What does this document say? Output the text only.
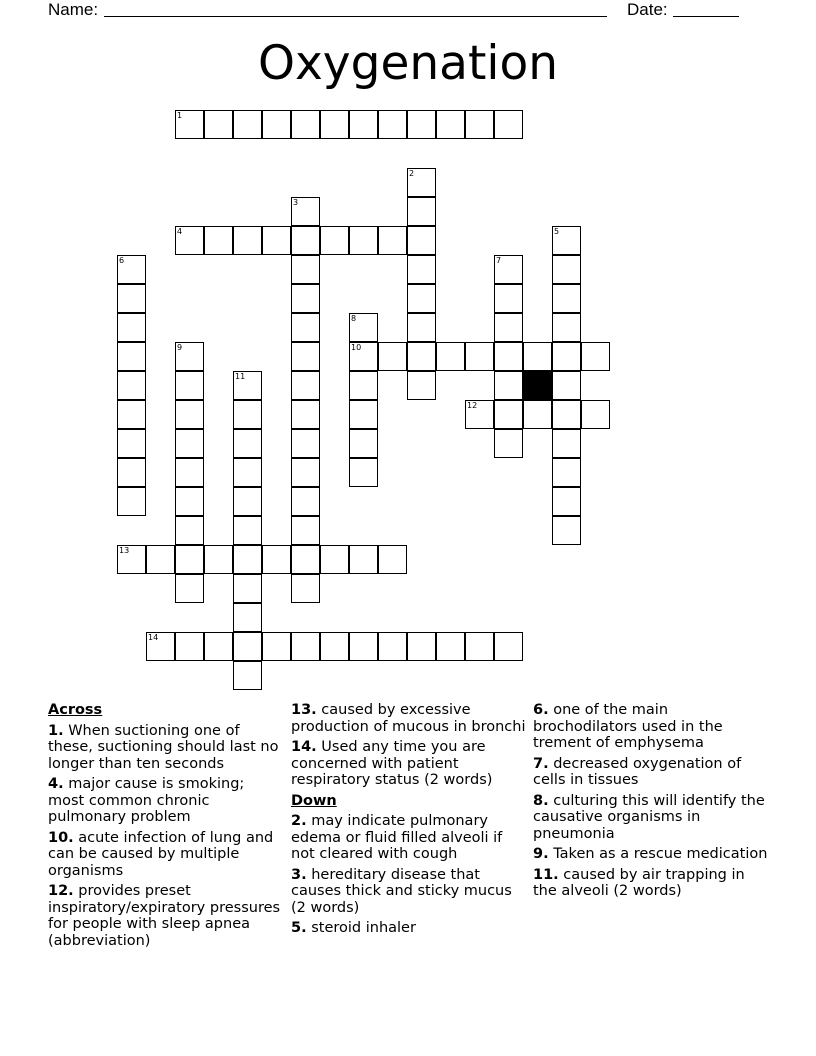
Name:	Date:
Oxygenation
1
2
3
4	5
6	7
8
10
9
11
12
13
14
Across
1. When suctioning one of these, suctioning should last no longer than ten seconds
4. major cause is smoking; most common chronic pulmonary problem
10. acute infection of lung and can be caused by multiple organisms
12. provides preset inspiratory/expiratory pressures for people with sleep apnea (abbreviation)
13. caused by excessive production of mucous in bronchi
14. Used any time you are concerned with patient respiratory status (2 words)
Down
2. may indicate pulmonary edema or fluid filled alveoli if not cleared with cough
3. hereditary disease that causes thick and sticky mucus (2 words)
5. steroid inhaler
6. one of the main brochodilators used in the trement of emphysema
7. decreased oxygenation of cells in tissues
8. culturing this will identify the causative organisms in pneumonia
9. Taken as a rescue medication
11. caused by air trapping in the alveoli (2 words)
